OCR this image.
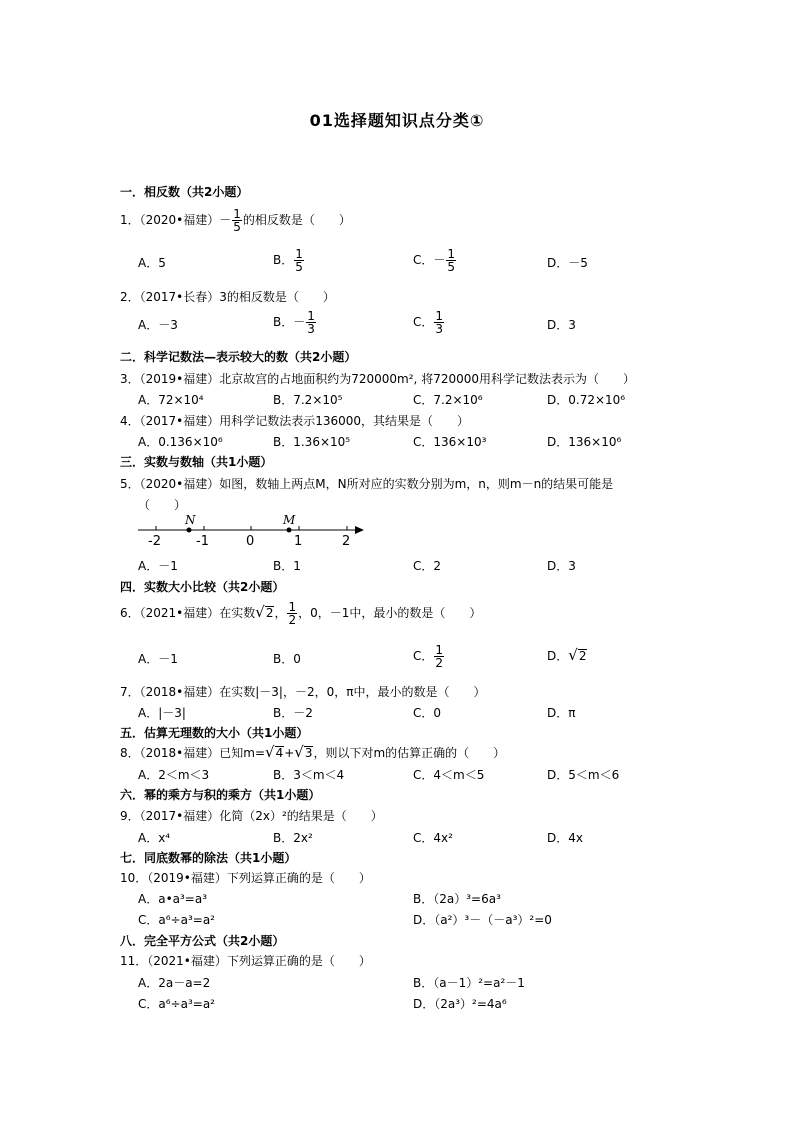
01选择题知识点分类①
一．相反数（共2小题）
1．（2020•福建）－ $\frac{1}{5}$ 的相反数是（　　）
A．5	B． $\frac{1}{5}$	C．－ $\frac{1}{5}$	D．－5
2．（2017•长春）3的相反数是（　　）
A．－3	B．－ $\frac{1}{3}$	C． $\frac{1}{3}$	D．3
二．科学记数法—表示较大的数（共2小题）
3．（2019•福建）北京故宫的占地面积约为720000m², 将720000用科学记数法表示为（　　）
A．72×10⁴	B．7.2×10⁵	C．7.2×10⁶	D．0.72×10⁶
4．（2017•福建）用科学记数法表示136000，其结果是（　　）
A．0.136×10⁶	B．1.36×10⁵	C．136×10³	D．136×10⁶
三．实数与数轴（共1小题）
5．（2020•福建）如图，数轴上两点M，N所对应的实数分别为m，n，则m－n的结果可能是
（　　）
N	M
-2	-1	0	1	2
A．－1	B．1	C．2	D．3
四．实数大小比较（共2小题）
6．（2021•福建）在实数√2， $\frac{1}{2}$ ，0，－1中，最小的数是（　　）
A．－1	B．0	C． $\frac{1}{2}$	D．√2
7．（2018•福建）在实数|－3|，－2，0，π中，最小的数是（　　）
A．|－3|	B．－2	C．0	D．π
五．估算无理数的大小（共1小题）
8．（2018•福建）已知m=√4+√3，则以下对m的估算正确的（　　）
A．2＜m＜3	B．3＜m＜4	C．4＜m＜5	D．5＜m＜6
六．幂的乘方与积的乘方（共1小题）
9．（2017•福建）化简（2x）²的结果是（　　）
A．x⁴	B．2x²	C．4x²	D．4x
七．同底数幂的除法（共1小题）
10．（2019•福建）下列运算正确的是（　　）
A．a•a³=a³	B．（2a）³=6a³
C．a⁶÷a³=a²	D．（a²）³－（－a³）²=0
八．完全平方公式（共2小题）
11．（2021•福建）下列运算正确的是（　　）
A．2a－a=2	B．（a－1）²=a²－1
C．a⁶÷a³=a²	D．（2a³）²=4a⁶
